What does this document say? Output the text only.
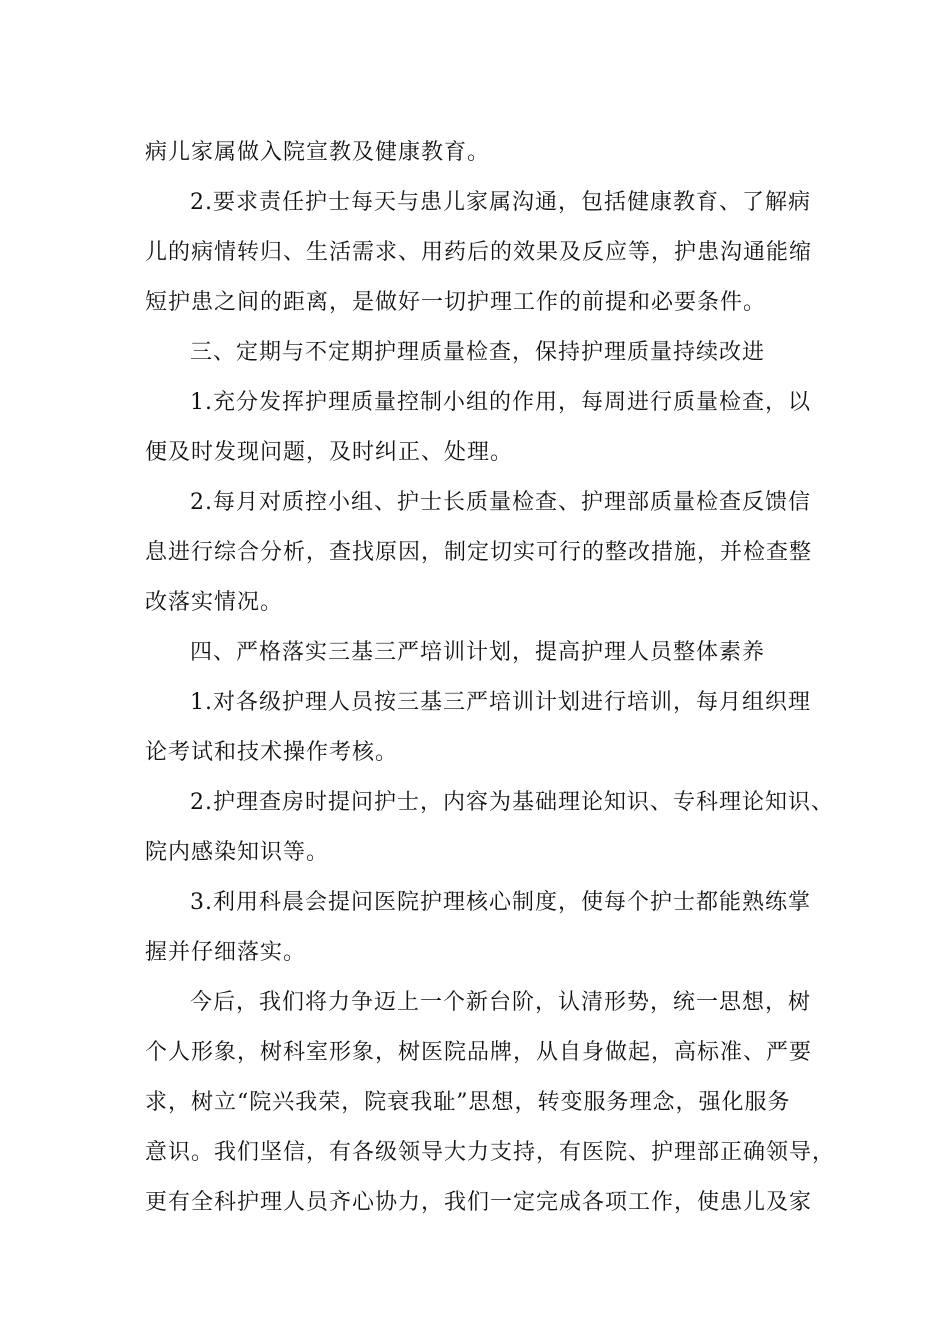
病儿家属做入院宣教及健康教育。
2.要求责任护士每天与患儿家属沟通，包括健康教育、了解病
儿的病情转归、生活需求、用药后的效果及反应等，护患沟通能缩
短护患之间的距离，是做好一切护理工作的前提和必要条件。
三、定期与不定期护理质量检查，保持护理质量持续改进
1.充分发挥护理质量控制小组的作用，每周进行质量检查，以
便及时发现问题，及时纠正、处理。
2.每月对质控小组、护士长质量检查、护理部质量检查反馈信
息进行综合分析，查找原因，制定切实可行的整改措施，并检查整
改落实情况。
四、严格落实三基三严培训计划，提高护理人员整体素养
1.对各级护理人员按三基三严培训计划进行培训，每月组织理
论考试和技术操作考核。
2.护理查房时提问护士，内容为基础理论知识、专科理论知识、
院内感染知识等。
3.利用科晨会提问医院护理核心制度，使每个护士都能熟练掌
握并仔细落实。
今后，我们将力争迈上一个新台阶，认清形势，统一思想，树
个人形象，树科室形象，树医院品牌，从自身做起，高标准、严要
求，树立“院兴我荣，院衰我耻”思想，转变服务理念，强化服务
意识。我们坚信，有各级领导大力支持，有医院、护理部正确领导，
更有全科护理人员齐心协力，我们一定完成各项工作，使患儿及家
